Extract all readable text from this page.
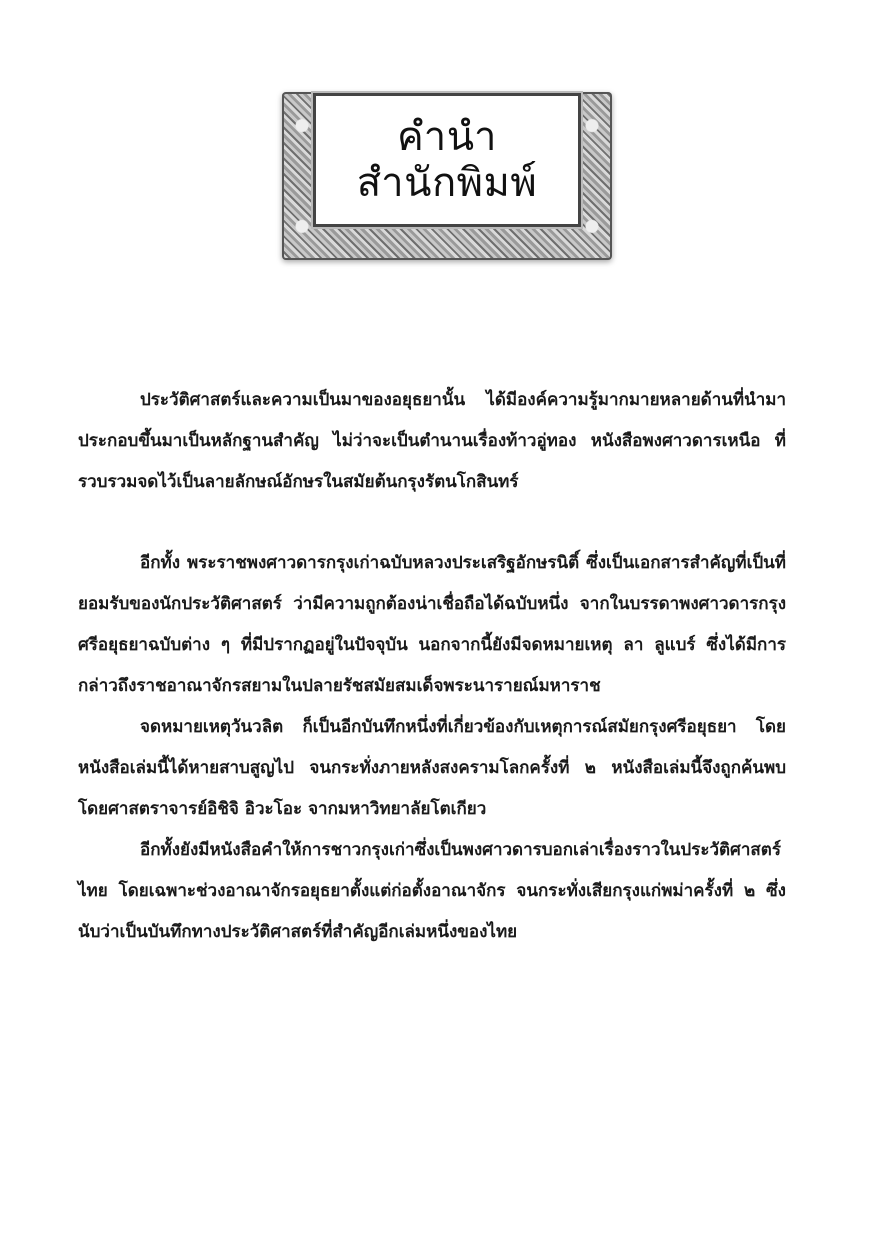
คำนำ
สำนักพิมพ์

ประวัติศาสตร์และความเป็นมาของอยุธยานั้น ได้มีองค์ความรู้มากมายหลายด้านที่นำมาประกอบขึ้นมาเป็นหลักฐานสำคัญ ไม่ว่าจะเป็นตำนานเรื่องท้าวอู่ทอง หนังสือพงศาวดารเหนือ ที่รวบรวมจดไว้เป็นลายลักษณ์อักษรในสมัยต้นกรุงรัตนโกสินทร์

อีกทั้ง พระราชพงศาวดารกรุงเก่าฉบับหลวงประเสริฐอักษรนิติ์ ซึ่งเป็นเอกสารสำคัญที่เป็นที่ยอมรับของนักประวัติศาสตร์ ว่ามีความถูกต้องน่าเชื่อถือได้ฉบับหนึ่ง จากในบรรดาพงศาวดารกรุงศรีอยุธยาฉบับต่าง ๆ ที่มีปรากฏอยู่ในปัจจุบัน นอกจากนี้ยังมีจดหมายเหตุ ลา ลูแบร์ ซึ่งได้มีการกล่าวถึงราชอาณาจักรสยามในปลายรัชสมัยสมเด็จพระนารายณ์มหาราช

จดหมายเหตุวันวลิต ก็เป็นอีกบันทึกหนึ่งที่เกี่ยวข้องกับเหตุการณ์สมัยกรุงศรีอยุธยา โดยหนังสือเล่มนี้ได้หายสาบสูญไป จนกระทั่งภายหลังสงครามโลกครั้งที่ ๒ หนังสือเล่มนี้จึงถูกค้นพบโดยศาสตราจารย์อิชิจิ อิวะโอะ จากมหาวิทยาลัยโตเกียว

อีกทั้งยังมีหนังสือคำให้การชาวกรุงเก่าซึ่งเป็นพงศาวดารบอกเล่าเรื่องราวในประวัติศาสตร์ไทย โดยเฉพาะช่วงอาณาจักรอยุธยาตั้งแต่ก่อตั้งอาณาจักร จนกระทั่งเสียกรุงแก่พม่าครั้งที่ ๒ ซึ่งนับว่าเป็นบันทึกทางประวัติศาสตร์ที่สำคัญอีกเล่มหนึ่งของไทย
